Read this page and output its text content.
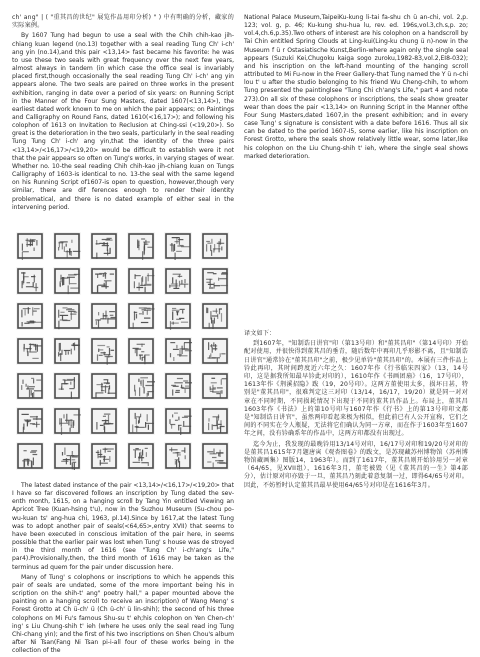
ch' ang" | ( "重其昌的世纪" 展览作品用印分析) " ) 中有明确的分析，藏家的实际案例。

By 1607 Tung had begun to use a seal with the Chih chih-kao jih-chiang kuan legend (no.13) together with a seal reading Tung Ch' i-ch' ang yin (no.14),and this pair <13,14> fast became his favorite: he was to use these two seals with great frequency over the next few years, almost always in tandem (in which case the office seal is invariably placed first,though occasionally the seal reading Tung Ch' i-ch' ang yin appears alone. The two seals are paired on three works in the present exhibition, ranging in date over a period of six years: on Running Script in the Manner of the Four Sung Masters, dated 1607(<13,14>), the earliest dated work known to me on which the pair appears; on Paintings and Calligraphy on Round Fans, dated 1610(<16,17>); and following his colophon of 1613 on Invitation to Reclusion at Ching-ssi (<19,20>). So great is the deterioration in the two seals, particularly in the seal reading Tung Tung Ch' i-ch' ang yin,that the identity of the three pairs <13,14>/<16,17>/<19,20> would be difficult to establish were it not that the pair appears so often on Tung's works, in varying stages of wear. Whether no. 10-the seal reading Chih chih-kao jih-chiang kuan on Tungs Calligraphy of 1603-is identical to no. 13-the seal with the same legend on his Running Script of1607-is open to question, however,though very similar, there are dif ferences enough to render their identity problematical, and there is no dated example of either seal in the intervening period.

The latest dated instance of the pair <13,14>/<16,17>/<19,20> that I have so far discovered follows an inscription by Tung dated the sev- enth month, 1615, on a hanging scroll by Tang Yin entitled Viewing an Apricot Tree (Kuan-hsing t'u), now in the Suzhou Museum (Su-chou po-wu-kuan ts' ang-hua chi, 1963, pl.14).Since by 1617,at the latest Tung was to adopt another pair of seals(<64,65>,entry XVII) that seems to have been executed in conscious imitation of the pair here, in seems possible that the earlier pair was lost when Tung' s house was de stroyed in the third month of 1616 (see "Tung Ch' i-ch'ang's Life," par4).Provisionally,then, the third month of 1616 may be taken as the terminus ad quem for the pair under discussion here.

Many of Tung' s colophons or inscriptions to which he appends this pair of seals are undated, some of the more important being his in scription on the shih-t' ang" poetry hall," a paper mounted above the painting on a hanging scroll to receive an inscription) of Wang Meng' s Forest Grotto at Ch ü-ch' ü (Ch ü-ch' ü lin-shih); the second of his three colophons on Mi Fu's famous Shu-su t' eh;his colophon on Yen Chen-ch' ing' s Liu Chung-shih t' ieh (where he uses only the seal read ing Tung Chi-chang yin); and the first of his two inscriptions on Shen Chou's album after Ni Tsan(Fang Ni Tsan pi-i-all four of these works being in the collection of the

National Palace Museum,TaipeiKu-kung li-tai fa-shu ch ü an-chi, vol. 2,p. 123; vol. g, p. 46; Ku-kung shu-hua lu, rev. ed. 196s,vol.3,ch.s,p. zo; vol.4,ch.6,p.35).Two others of interest are his colophon on a handscroll by Tai Chin entitled Spring Clouds at Ling-kui(Ling-ku chung ü n)-now in the Museum f ü r Ostasiatische Kunst,Berlin-where again only the single seal appears (Suzuki Kei,Chugoku kaiga sogo zuroku,1982-83,vol.2,EI8-032); and his inscription on the left-hand mounting of the hanging scroll attributed to Mi Fu-now in the Freer Gallery-that Tung named the Y ü n-chi lou t' u after the studio belonging to his friend Wu Cheng-chih, to whom Tung presented the paintinglsee "Tung Chi ch'ang's Life," part 4 and note 273).On all six of these colophons or inscriptions, the seals show greater wear than does the pair <13,14> on Running Script in the Manner ofthe Four Sung Masters,dated 1607,in the present exhibition; and in every case Tung' s signature is consistent with a date before 1616. Thus all six can be dated to the period 1607-I5, some earlier, like his inscription on Forest Grotto, where the seals show relatively little wear, some later,like his colophon on the Liu Chung-shih t' ieh, where the single seal shows marked deterioration.

译文如下：

到1607年，"知制诰日讲官"印（第13号印）和"董其昌印"（第14号印）开始配对使用，并很快得到董其昌的垂青，随后数年中再印几乎形影不离，且"知制诰日讲官"通常钤在"董其昌印"之前，极少见单钤"董其昌印"的。本展有三件作品上钤此再印，其时间跨度近六年之久：1607年作《行书临宋四家》（13，14号印，这是据我所知最早钤此对印的），1610年作《书画团扇》（16，17号印），1613年作《荆溪招隐》跋（19，20号印）。这两方董使用太多，损坏日甚，特别是"董其昌印"，很难判定这三对印（13/14，16/17，19/20）就是同一对对章在不同时期，不同损耗情况下出现于不同的董其昌作品上。布局上，董其昌1603年作《书法》上的第10号印与1607年作《行书》上的第13号印印文都是"知制诰日讲官"，虽然两印看起来极为相似，但此前已有人公开宣称，它们之间的不同实在令人瓶疑，无法将它们确认为同一方章，而在作于1603年至1607年之间，没有钤确系年的作品中，这两方印都没有出现过。

迄今为止，我发现的最晚钤用13/14号对印，16/17号对印和19/20号对印的是董其昌1615年7月题唐寅《观杏图卷》的跋文，是苏现藏苏州博物馆（苏州博物馆藏画集）图版14，1963年）。而到了1617年，董其昌则开始钤用另一对章（64/65，见XVII组），1616年3月，董宅被毁（见《董其昌的一生》第4部分），估计原对印亦毁于一旦，董其昌乃刻此着意复制一过，即得64/65号对印。因此，不妨暂时认定董其昌最早使用64/65号对印是在1616年3月。
